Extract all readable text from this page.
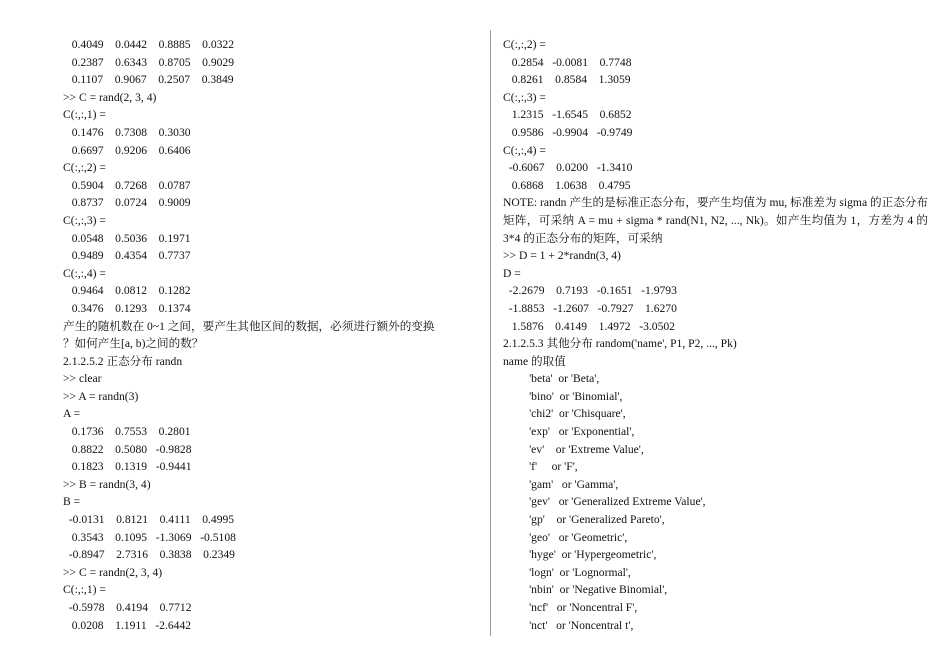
0.4049    0.0442    0.8885    0.0322
0.2387    0.6343    0.8705    0.9029
0.1107    0.9067    0.2507    0.3849
>> C = rand(2, 3, 4)
C(:,:,1) =
0.1476    0.7308    0.3030
0.6697    0.9206    0.6406
C(:,:,2) =
0.5904    0.7268    0.0787
0.8737    0.0724    0.9009
C(:,:,3) =
0.0548    0.5036    0.1971
0.9489    0.4354    0.7737
C(:,:,4) =
0.9464    0.0812    0.1282
0.3476    0.1293    0.1374
产生的随机数在 0~1 之间，要产生其他区间的数据，必须进行额外的变换
？如何产生[a, b)之间的数？
2.1.2.5.2 正态分布 randn
>> clear
>> A = randn(3)
A =
0.1736    0.7553    0.2801
0.8822    0.5080   -0.9828
0.1823    0.1319   -0.9441
>> B = randn(3, 4)
B =
-0.0131    0.8121    0.4111    0.4995
0.3543    0.1095   -1.3069   -0.5108
-0.8947    2.7316    0.3838    0.2349
>> C = randn(2, 3, 4)
C(:,:,1) =
-0.5978    0.4194    0.7712
0.0208    1.1911   -2.6442
C(:,:,2) =
0.2854   -0.0081    0.7748
0.8261    0.8584    1.3059
C(:,:,3) =
1.2315   -1.6545    0.6852
0.9586   -0.9904   -0.9749
C(:,:,4) =
-0.6067    0.0200   -1.3410
0.6868    1.0638    0.4795
NOTE: randn 产生的是标准正态分布，要产生均值为 mu, 标准差为 sigma 的正态分布矩阵，可采纳 A = mu + sigma * rand(N1, N2, ..., Nk)。如产生均值为 1，方差为 4 的 3*4 的正态分布的矩阵，可采纳
>> D = 1 + 2*randn(3, 4)
D =
-2.2679    0.7193   -0.1651   -1.9793
-1.8853   -1.2607   -0.7927    1.6270
1.5876    0.4149    1.4972   -3.0502
2.1.2.5.3 其他分布 random('name', P1, P2, ..., Pk)
name 的取值
'beta'  or 'Beta',
'bino'  or 'Binomial',
'chi2'  or 'Chisquare',
'exp'   or 'Exponential',
'ev'    or 'Extreme Value',
'f'     or 'F',
'gam'   or 'Gamma',
'gev'   or 'Generalized Extreme Value',
'gp'    or 'Generalized Pareto',
'geo'   or 'Geometric',
'hyge'  or 'Hypergeometric',
'logn'  or 'Lognormal',
'nbin'  or 'Negative Binomial',
'ncf'   or 'Noncentral F',
'nct'   or 'Noncentral t',
